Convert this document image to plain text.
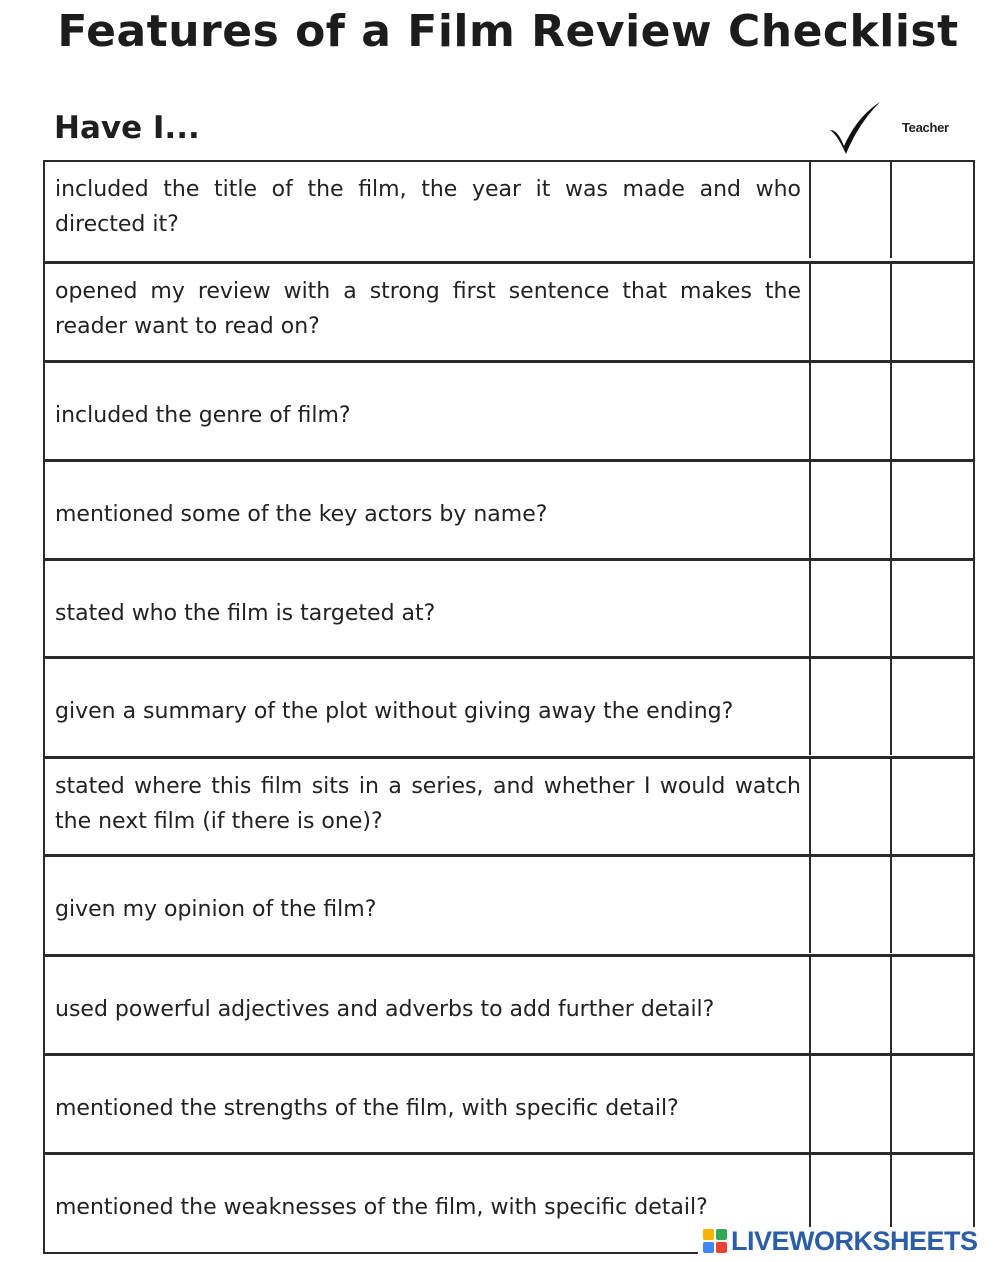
Features of a Film Review Checklist
Have I...	Teacher
included the title of the film, the year it was made and who directed it?
opened my review with a strong first sentence that makes the reader want to read on?
included the genre of film?
mentioned some of the key actors by name?
stated who the film is targeted at?
given a summary of the plot without giving away the ending?
stated where this film sits in a series, and whether I would watch the next film (if there is one)?
given my opinion of the film?
used powerful adjectives and adverbs to add further detail?
mentioned the strengths of the film, with specific detail?
mentioned the weaknesses of the film, with specific detail?
LIVEWORKSHEETS
